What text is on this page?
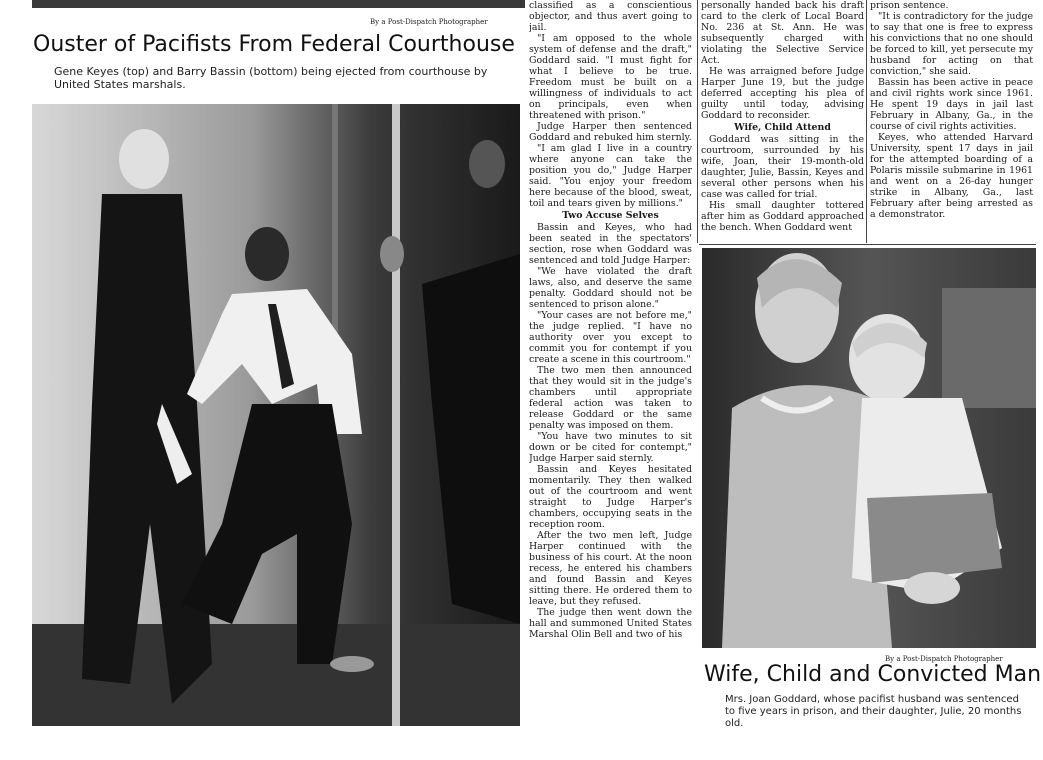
By a Post-Dispatch Photographer
Ouster of Pacifists From Federal Courthouse
Gene Keyes (top) and Barry Bassin (bottom) being ejected from courthouse by United States marshals.

classified as a conscientious objector, and thus avert going to jail.

"I am opposed to the whole system of defense and the draft," Goddard said. "I must fight for what I believe to be true. Freedom must be built on a willingness of individuals to act on principals, even when threatened with prison."

Judge Harper then sentenced Goddard and rebuked him sternly.

"I am glad I live in a country where anyone can take the position you do," Judge Harper said. "You enjoy your freedom here because of the blood, sweat, toil and tears given by millions."

Two Accuse Selves

Bassin and Keyes, who had been seated in the spectators' section, rose when Goddard was sentenced and told Judge Harper:

"We have violated the draft laws, also, and deserve the same penalty. Goddard should not be sentenced to prison alone."

"Your cases are not before me," the judge replied. "I have no authority over you except to commit you for contempt if you create a scene in this courtroom."

The two men then announced that they would sit in the judge's chambers until appropriate federal action was taken to release Goddard or the same penalty was imposed on them.

"You have two minutes to sit down or be cited for contempt," Judge Harper said sternly.

Bassin and Keyes hesitated momentarily. They then walked out of the courtroom and went straight to Judge Harper's chambers, occupying seats in the reception room.

After the two men left, Judge Harper continued with the business of his court. At the noon recess, he entered his chambers and found Bassin and Keyes sitting there. He ordered them to leave, but they refused.

The judge then went down the hall and summoned United States Marshal Olin Bell and two of his

personally handed back his draft card to the clerk of Local Board No. 236 at St. Ann. He was subsequently charged with violating the Selective Service Act.

He was arraigned before Judge Harper June 19, but the judge deferred accepting his plea of guilty until today, advising Goddard to reconsider.

Wife, Child Attend

Goddard was sitting in the courtroom, surrounded by his wife, Joan, their 19-month-old daughter, Julie, Bassin, Keyes and several other persons when his case was called for trial.

His small daughter tottered after him as Goddard approached the bench. When Goddard went

prison sentence.

"It is contradictory for the judge to say that one is free to express his convictions that no one should be forced to kill, yet persecute my husband for acting on that conviction," she said.

Bassin has been active in peace and civil rights work since 1961. He spent 19 days in jail last February in Albany, Ga., in the course of civil rights activities.

Keyes, who attended Harvard University, spent 17 days in jail for the attempted boarding of a Polaris missile submarine in 1961 and went on a 26-day hunger strike in Albany, Ga., last February after being arrested as a demonstrator.

By a Post-Dispatch Photographer
Wife, Child and Convicted Man
Mrs. Joan Goddard, whose pacifist husband was sentenced to five years in prison, and their daughter, Julie, 20 months old.
